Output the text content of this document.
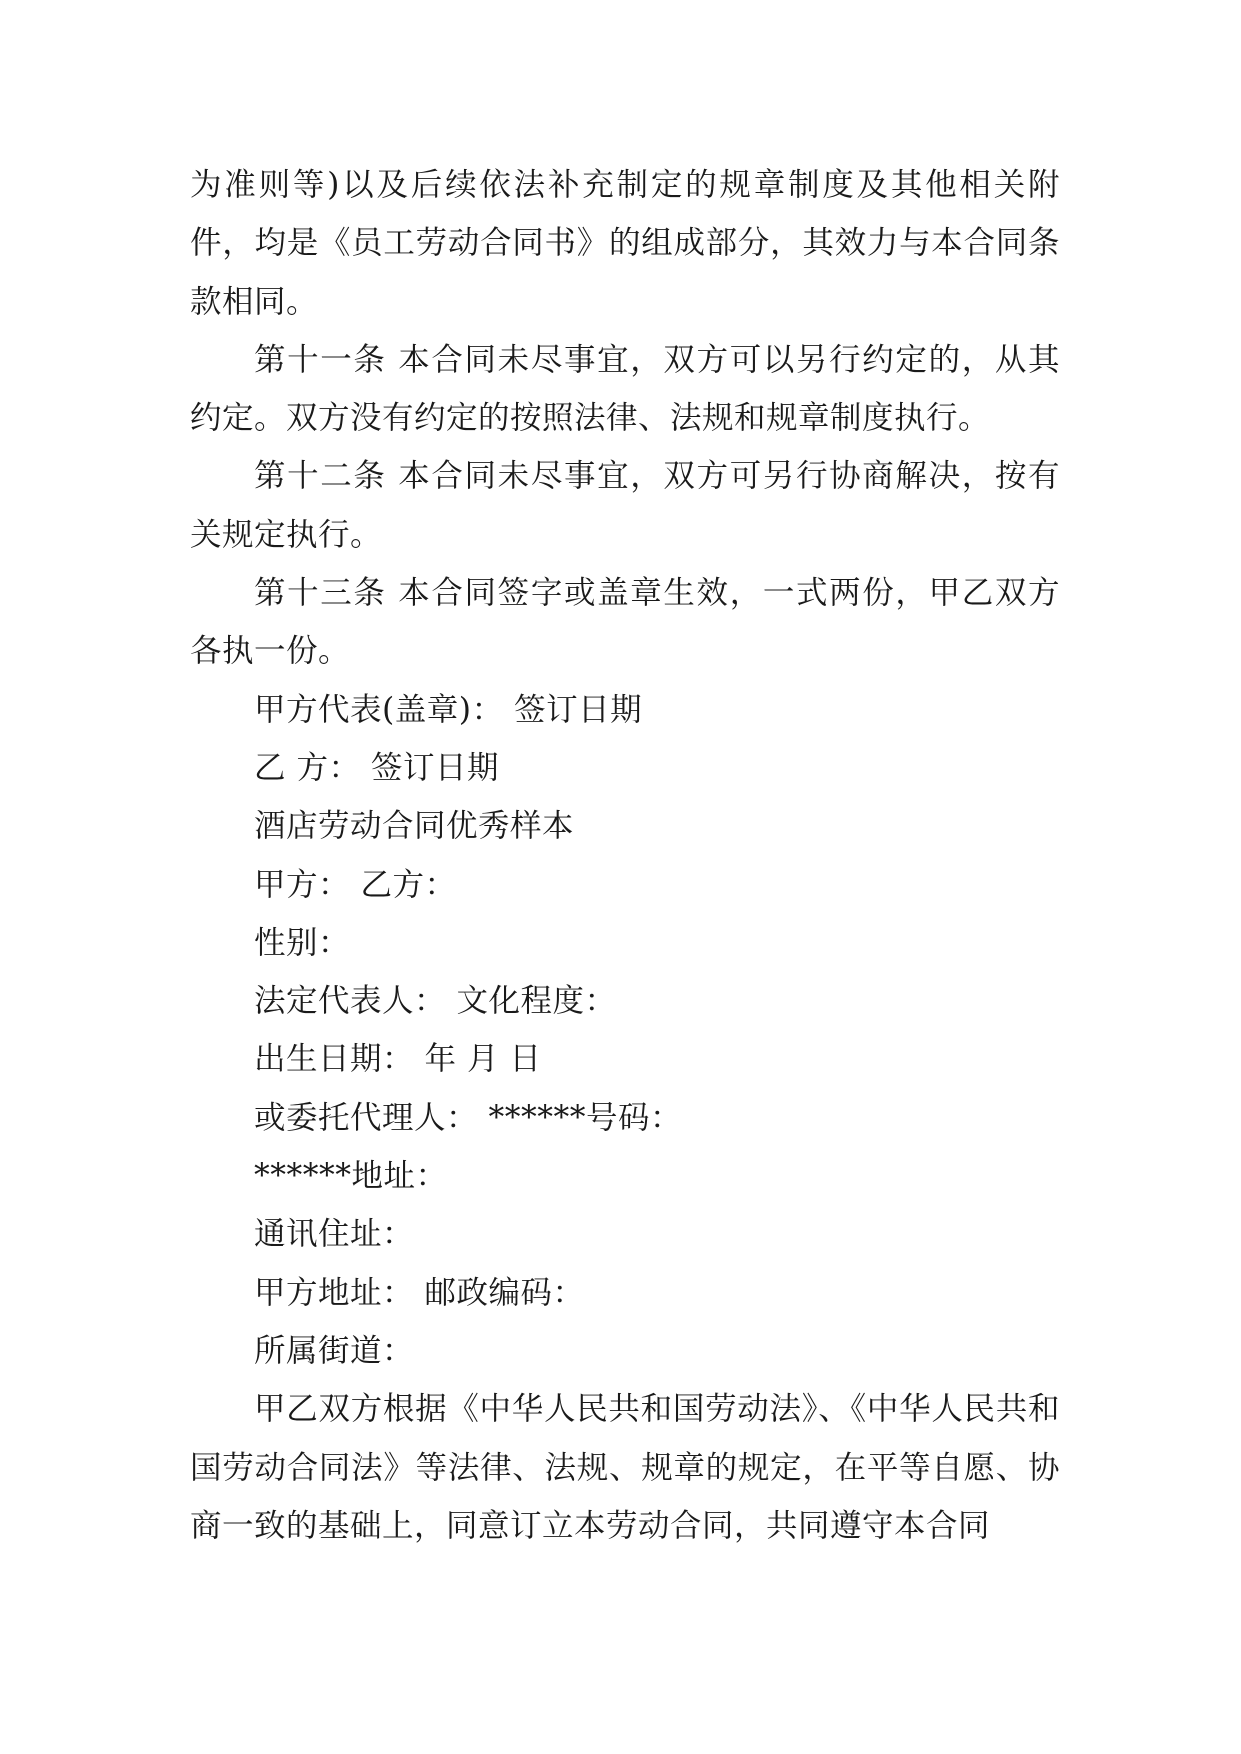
为准则等)以及后续依法补充制定的规章制度及其他相关附件，均是《员工劳动合同书》的组成部分，其效力与本合同条款相同。

第十一条 本合同未尽事宜，双方可以另行约定的，从其约定。双方没有约定的按照法律、法规和规章制度执行。

第十二条 本合同未尽事宜，双方可另行协商解决，按有关规定执行。

第十三条 本合同签字或盖章生效，一式两份，甲乙双方各执一份。

甲方代表(盖章)： 签订日期

乙 方： 签订日期

酒店劳动合同优秀样本

甲方： 乙方：

性别：

法定代表人： 文化程度：

出生日期： 年 月 日

或委托代理人： ******号码：

******地址：

通讯住址：

甲方地址： 邮政编码：

所属街道：

甲乙双方根据《中华人民共和国劳动法》、《中华人民共和国劳动合同法》等法律、法规、规章的规定，在平等自愿、协商一致的基础上，同意订立本劳动合同，共同遵守本合同
